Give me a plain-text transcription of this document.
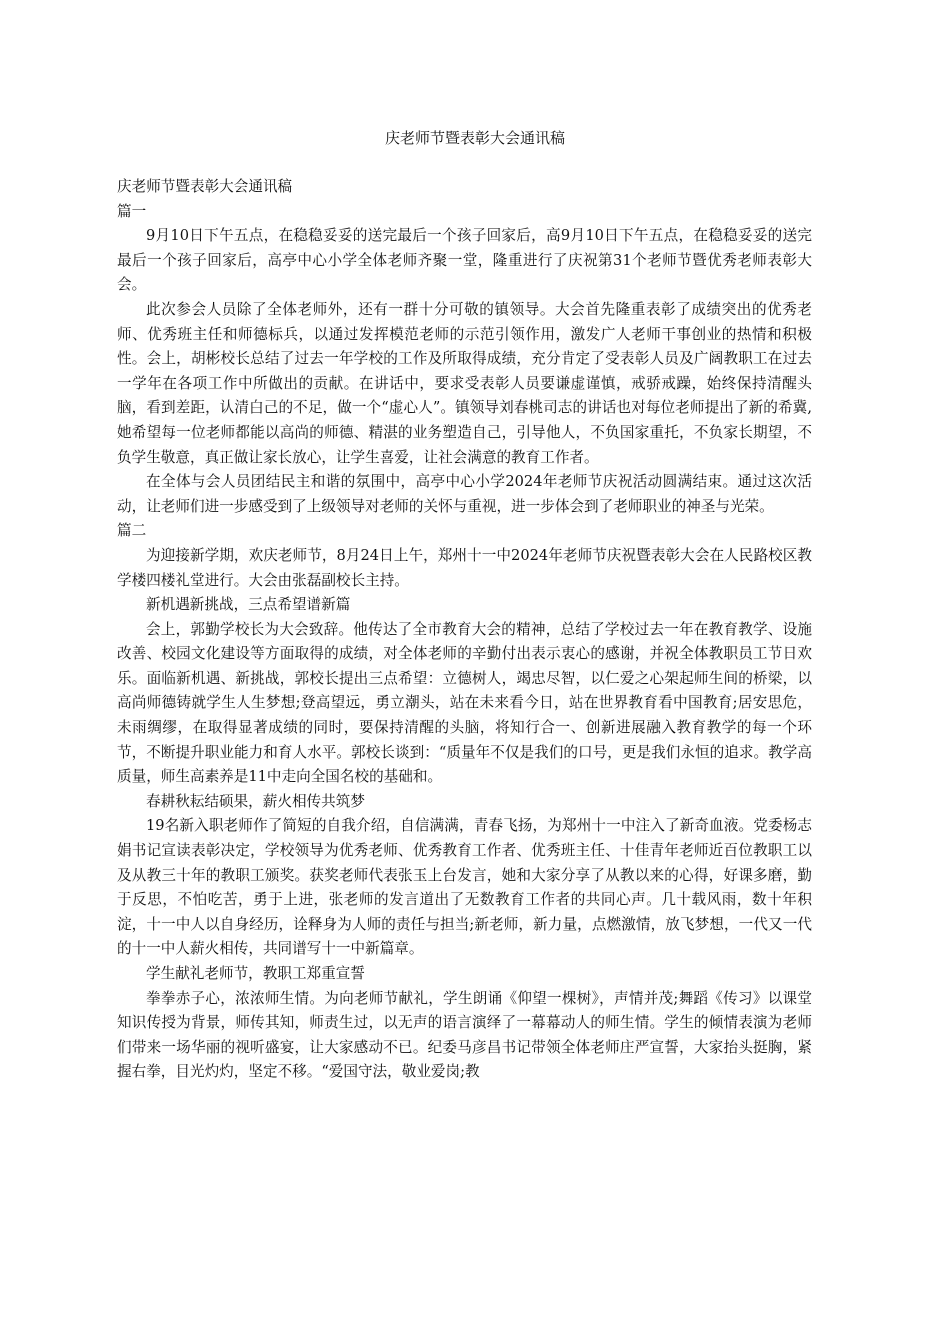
庆老师节暨表彰大会通讯稿

庆老师节暨表彰大会通讯稿

篇一

9月10日下午五点，在稳稳妥妥的送完最后一个孩子回家后，高9月10日下午五点，在稳稳妥妥的送完最后一个孩子回家后，高亭中心小学全体老师齐聚一堂，隆重进行了庆祝第31个老师节暨优秀老师表彰大会。

此次参会人员除了全体老师外，还有一群十分可敬的镇领导。大会首先隆重表彰了成绩突出的优秀老师、优秀班主任和师德标兵，以通过发挥模范老师的示范引领作用，激发广人老师干事创业的热情和积极性。会上，胡彬校长总结了过去一年学校的工作及所取得成绩，充分肯定了受表彰人员及广阔教职工在过去一学年在各项工作中所做出的贡献。在讲话中，要求受表彰人员要谦虚谨慎，戒骄戒躁，始终保持清醒头脑，看到差距，认清白己的不足，做一个“虚心人”。镇领导刘春桃司志的讲话也对每位老师提出了新的希冀,她希望每一位老师都能以高尚的师德、精湛的业务塑造自己，引导他人，不负国家重托，不负家长期望，不负学生敬意，真正做让家长放心，让学生喜爱，让社会满意的教育工作者。

在全体与会人员团结民主和谐的氛围中，高亭中心小学2024年老师节庆祝活动圆满结束。通过这次活动，让老师们进一步感受到了上级领导对老师的关怀与重视，进一步体会到了老师职业的神圣与光荣。

篇二

为迎接新学期，欢庆老师节，8月24日上午，郑州十一中2024年老师节庆祝暨表彰大会在人民路校区教学楼四楼礼堂进行。大会由张磊副校长主持。

新机遇新挑战，三点希望谱新篇

会上，郭勤学校长为大会致辞。他传达了全市教育大会的精神，总结了学校过去一年在教育教学、设施改善、校园文化建设等方面取得的成绩，对全体老师的辛勤付出表示衷心的感谢，并祝全体教职员工节日欢乐。面临新机遇、新挑战，郭校长提出三点希望：立德树人，竭忠尽智，以仁爱之心架起师生间的桥梁，以高尚师德铸就学生人生梦想;登高望远，勇立潮头，站在未来看今日，站在世界教育看中国教育;居安思危，未雨绸缪，在取得显著成绩的同时，要保持清醒的头脑，将知行合一、创新进展融入教育教学的每一个环节，不断提升职业能力和育人水平。郭校长谈到：“质量年不仅是我们的口号，更是我们永恒的追求。教学高质量，师生高素养是11中走向全国名校的基础和。

春耕秋耘结硕果，薪火相传共筑梦

19名新入职老师作了简短的自我介绍，自信满满，青春飞扬，为郑州十一中注入了新奇血液。党委杨志娟书记宣读表彰决定，学校领导为优秀老师、优秀教育工作者、优秀班主任、十佳青年老师近百位教职工以及从教三十年的教职工颁奖。获奖老师代表张玉上台发言，她和大家分享了从教以来的心得，好课多磨，勤于反思，不怕吃苦，勇于上进，张老师的发言道出了无数教育工作者的共同心声。几十载风雨，数十年积淀，十一中人以自身经历，诠释身为人师的责任与担当;新老师，新力量，点燃激情，放飞梦想，一代又一代的十一中人薪火相传，共同谱写十一中新篇章。

学生献礼老师节，教职工郑重宣誓

拳拳赤子心，浓浓师生情。为向老师节献礼，学生朗诵《仰望一棵树》，声情并茂;舞蹈《传习》以课堂知识传授为背景，师传其知，师责生过，以无声的语言演绎了一幕幕动人的师生情。学生的倾情表演为老师们带来一场华丽的视听盛宴，让大家感动不已。纪委马彦昌书记带领全体老师庄严宣誓，大家抬头挺胸，紧握右拳，目光灼灼，坚定不移。“爱国守法，敬业爱岗;教
